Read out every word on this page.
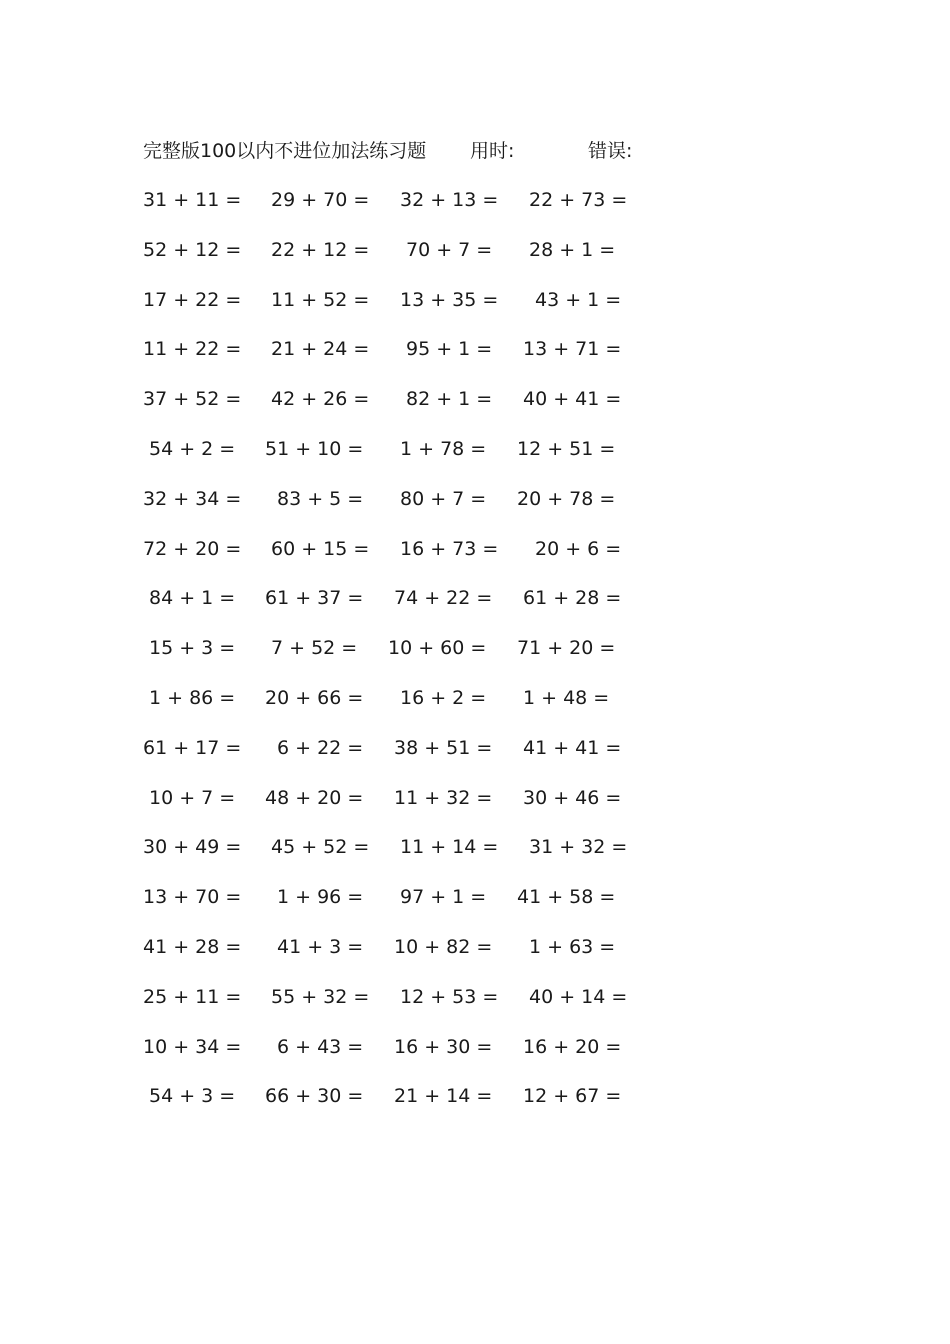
完整版100以内不进位加法练习题 用时:	错误:
31 + 11 = 29 + 70 = 32 + 13 = 22 + 73 =
52 + 12 = 22 + 12 = 70 + 7 = 28 + 1 =
17 + 22 = 11 + 52 = 13 + 35 = 43 + 1 =
11 + 22 = 21 + 24 = 95 + 1 = 13 + 71 =
37 + 52 = 42 + 26 = 82 + 1 = 40 + 41 =
54 + 2 = 51 + 10 = 1 + 78 = 12 + 51 =
32 + 34 = 83 + 5 = 80 + 7 = 20 + 78 =
72 + 20 = 60 + 15 = 16 + 73 = 20 + 6 =
84 + 1 = 61 + 37 = 74 + 22 = 61 + 28 =
15 + 3 = 7 + 52 = 10 + 60 = 71 + 20 =
1 + 86 = 20 + 66 = 16 + 2 = 1 + 48 =
61 + 17 = 6 + 22 = 38 + 51 = 41 + 41 =
10 + 7 = 48 + 20 = 11 + 32 = 30 + 46 =
30 + 49 = 45 + 52 = 11 + 14 = 31 + 32 =
13 + 70 = 1 + 96 = 97 + 1 = 41 + 58 =
41 + 28 = 41 + 3 = 10 + 82 = 1 + 63 =
25 + 11 = 55 + 32 = 12 + 53 = 40 + 14 =
10 + 34 = 6 + 43 = 16 + 30 = 16 + 20 =
54 + 3 = 66 + 30 = 21 + 14 = 12 + 67 =
